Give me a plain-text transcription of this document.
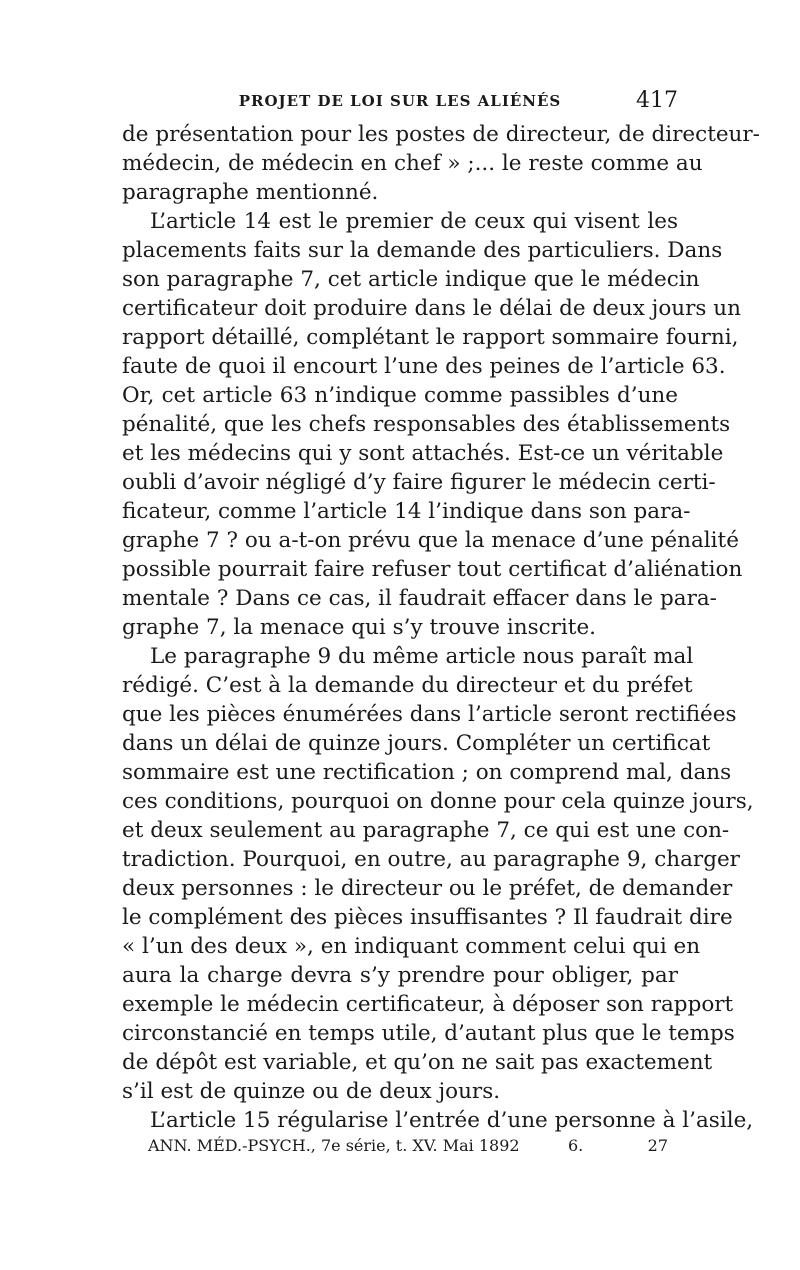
PROJET DE LOI SUR LES ALIÉNÉS	417
de présentation pour les postes de directeur, de directeur-
médecin, de médecin en chef » ;... le reste comme au
paragraphe mentionné.
L’article 14 est le premier de ceux qui visent les
placements faits sur la demande des particuliers. Dans
son paragraphe 7, cet article indique que le médecin
certificateur doit produire dans le délai de deux jours un
rapport détaillé, complétant le rapport sommaire fourni,
faute de quoi il encourt l’une des peines de l’article 63.
Or, cet article 63 n’indique comme passibles d’une
pénalité, que les chefs responsables des établissements
et les médecins qui y sont attachés. Est-ce un véritable
oubli d’avoir négligé d’y faire figurer le médecin certi-
ficateur, comme l’article 14 l’indique dans son para-
graphe 7 ? ou a-t-on prévu que la menace d’une pénalité
possible pourrait faire refuser tout certificat d’aliénation
mentale ? Dans ce cas, il faudrait effacer dans le para-
graphe 7, la menace qui s’y trouve inscrite.
Le paragraphe 9 du même article nous paraît mal
rédigé. C’est à la demande du directeur et du préfet
que les pièces énumérées dans l’article seront rectifiées
dans un délai de quinze jours. Compléter un certificat
sommaire est une rectification ; on comprend mal, dans
ces conditions, pourquoi on donne pour cela quinze jours,
et deux seulement au paragraphe 7, ce qui est une con-
tradiction. Pourquoi, en outre, au paragraphe 9, charger
deux personnes : le directeur ou le préfet, de demander
le complément des pièces insuffisantes ? Il faudrait dire
« l’un des deux », en indiquant comment celui qui en
aura la charge devra s’y prendre pour obliger, par
exemple le médecin certificateur, à déposer son rapport
circonstancié en temps utile, d’autant plus que le temps
de dépôt est variable, et qu’on ne sait pas exactement
s’il est de quinze ou de deux jours.
L’article 15 régularise l’entrée d’une personne à l’asile,
ANN. MÉD.-PSYCH., 7e série, t. XV. Mai 1892	6.	27
